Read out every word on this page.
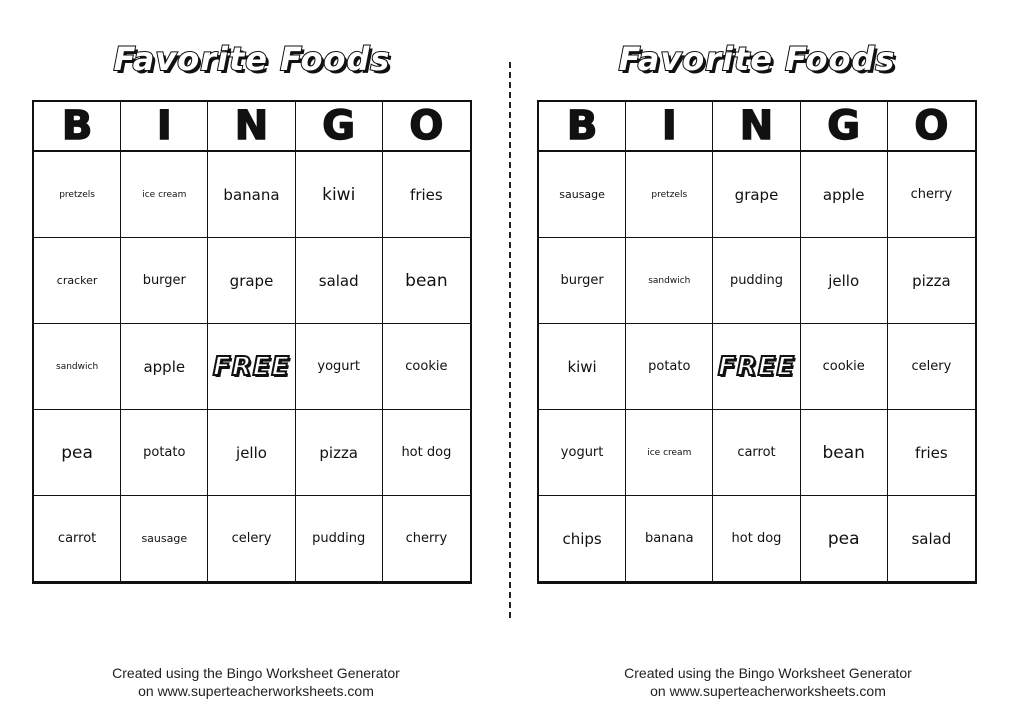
Favorite Foods
B I N G O
pretzels	ice cream	banana	kiwi	fries
cracker	burger	grape	salad	bean
sandwich	apple	FREE	yogurt	cookie
pea	potato	jello	pizza	hot dog
carrot	sausage	celery	pudding	cherry
Favorite Foods
B I N G O
sausage	pretzels	grape	apple	cherry
burger	sandwich	pudding	jello	pizza
kiwi	potato	FREE	cookie	celery
yogurt	ice cream	carrot	bean	fries
chips	banana	hot dog	pea	salad
Created using the Bingo Worksheet Generator
on www.superteacherworksheets.com
Created using the Bingo Worksheet Generator
on www.superteacherworksheets.com
